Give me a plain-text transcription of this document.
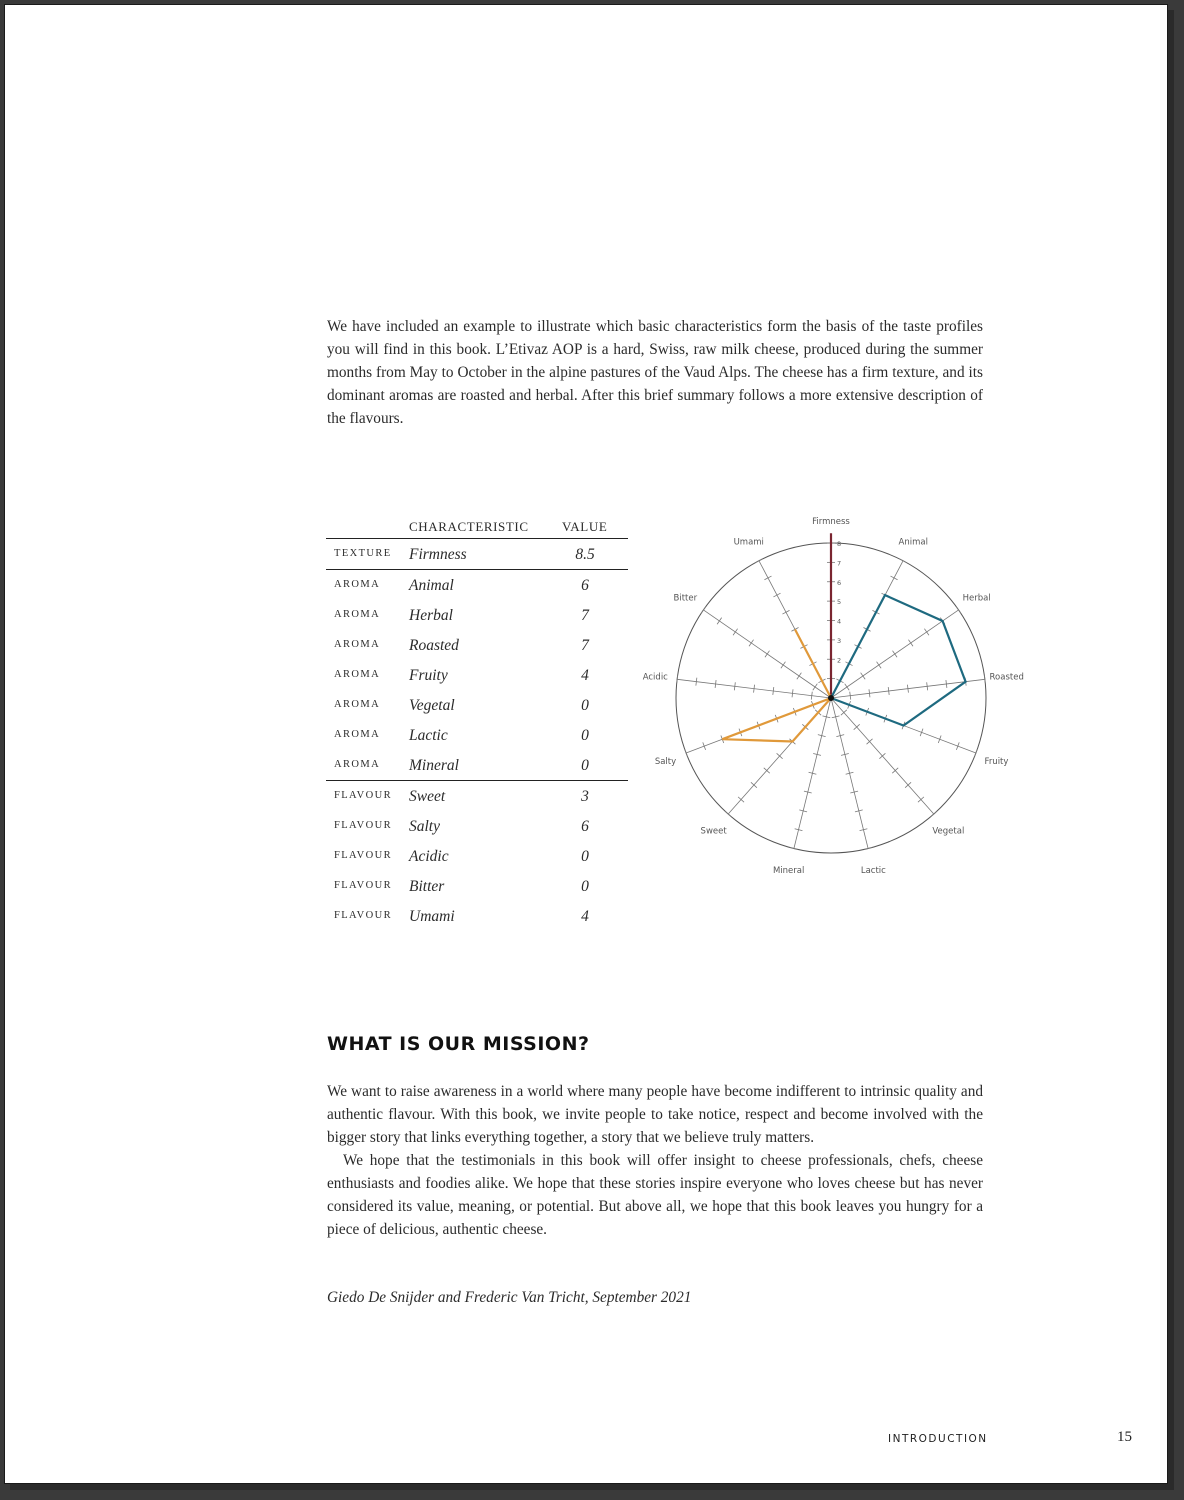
We have included an example to illustrate which basic characteristics form the basis of the taste profiles you will find in this book. L’Etivaz AOP is a hard, Swiss, raw milk cheese, produced during the summer months from May to October in the alpine pastures of the Vaud Alps. The cheese has a firm texture, and its dominant aromas are roasted and herbal. After this brief summary follows a more extensive description of the flavours.

CHARACTERISTIC	VALUE
TEXTURE Firmness	8.5
AROMA Animal	6
AROMA Herbal	7
AROMA Roasted	7
AROMA Fruity	4
AROMA Vegetal	0
AROMA Lactic	0
AROMA Mineral	0
FLAVOUR Sweet	3
FLAVOUR Salty	6
FLAVOUR Acidic	0
FLAVOUR Bitter	0
FLAVOUR Umami	4
Firmness
Animal
Herbal
Roasted
Fruity
Vegetal
Lactic
Mineral
Sweet
Salty
Acidic
Bitter
Umami
2
3
4
5
6
7
8
WHAT IS OUR MISSION?

We want to raise awareness in a world where many people have become indifferent to intrinsic quality and authentic flavour. With this book, we invite people to take notice, respect and become involved with the bigger story that links everything together, a story that we believe truly matters.

We hope that the testimonials in this book will offer insight to cheese professionals, chefs, cheese enthusiasts and foodies alike. We hope that these stories inspire everyone who loves cheese but has never considered its value, meaning, or potential. But above all, we hope that this book leaves you hungry for a piece of delicious, authentic cheese.

Giedo De Snijder and Frederic Van Tricht, September 2021

INTRODUCTION	15
